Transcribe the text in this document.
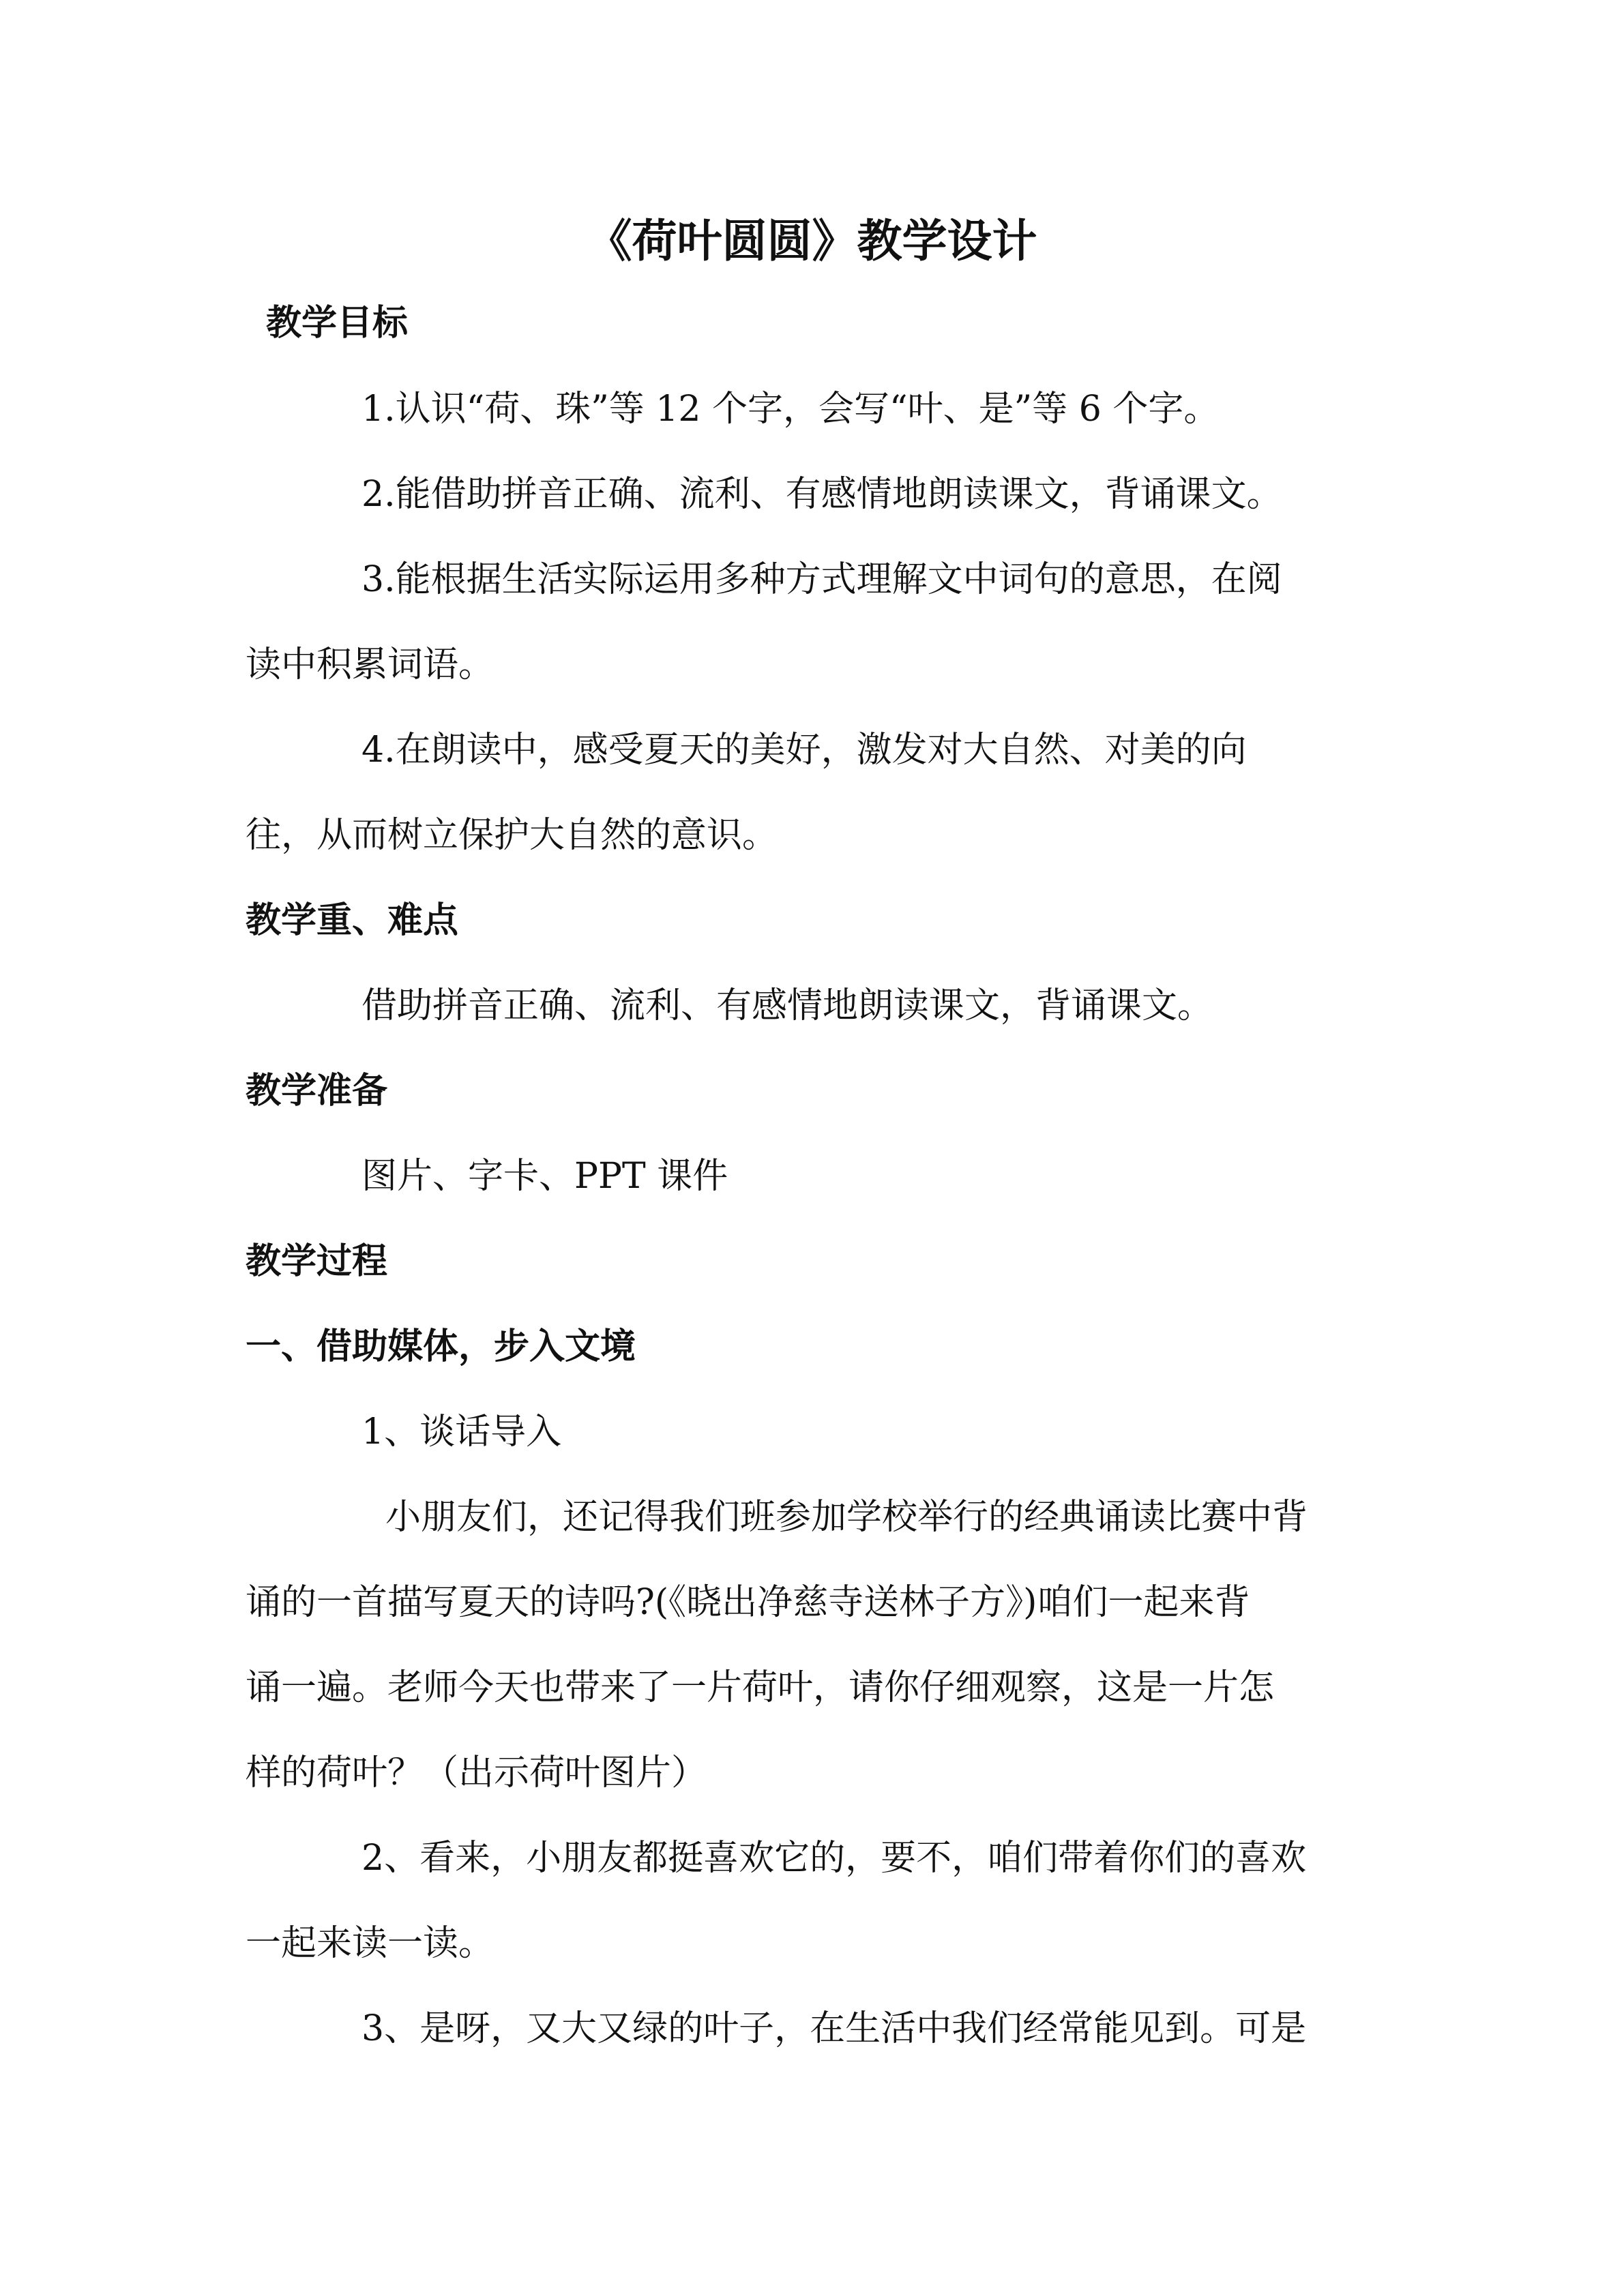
《荷叶圆圆》教学设计

教学目标

1.认识“荷、珠”等 12 个字，会写“叶、是”等 6 个字。

2.能借助拼音正确、流利、有感情地朗读课文，背诵课文。

3.能根据生活实际运用多种方式理解文中词句的意思，在阅

读中积累词语。

4.在朗读中，感受夏天的美好，激发对大自然、对美的向

往，从而树立保护大自然的意识。

教学重、难点

借助拼音正确、流利、有感情地朗读课文，背诵课文。

教学准备

图片、字卡、PPT 课件

教学过程

一、借助媒体，步入文境

1、谈话导入

小朋友们，还记得我们班参加学校举行的经典诵读比赛中背

诵的一首描写夏天的诗吗?(《晓出净慈寺送林子方》)咱们一起来背

诵一遍。老师今天也带来了一片荷叶，请你仔细观察，这是一片怎

样的荷叶？（出示荷叶图片）

2、看来，小朋友都挺喜欢它的，要不，咱们带着你们的喜欢

一起来读一读。

3、是呀，又大又绿的叶子，在生活中我们经常能见到。可是
